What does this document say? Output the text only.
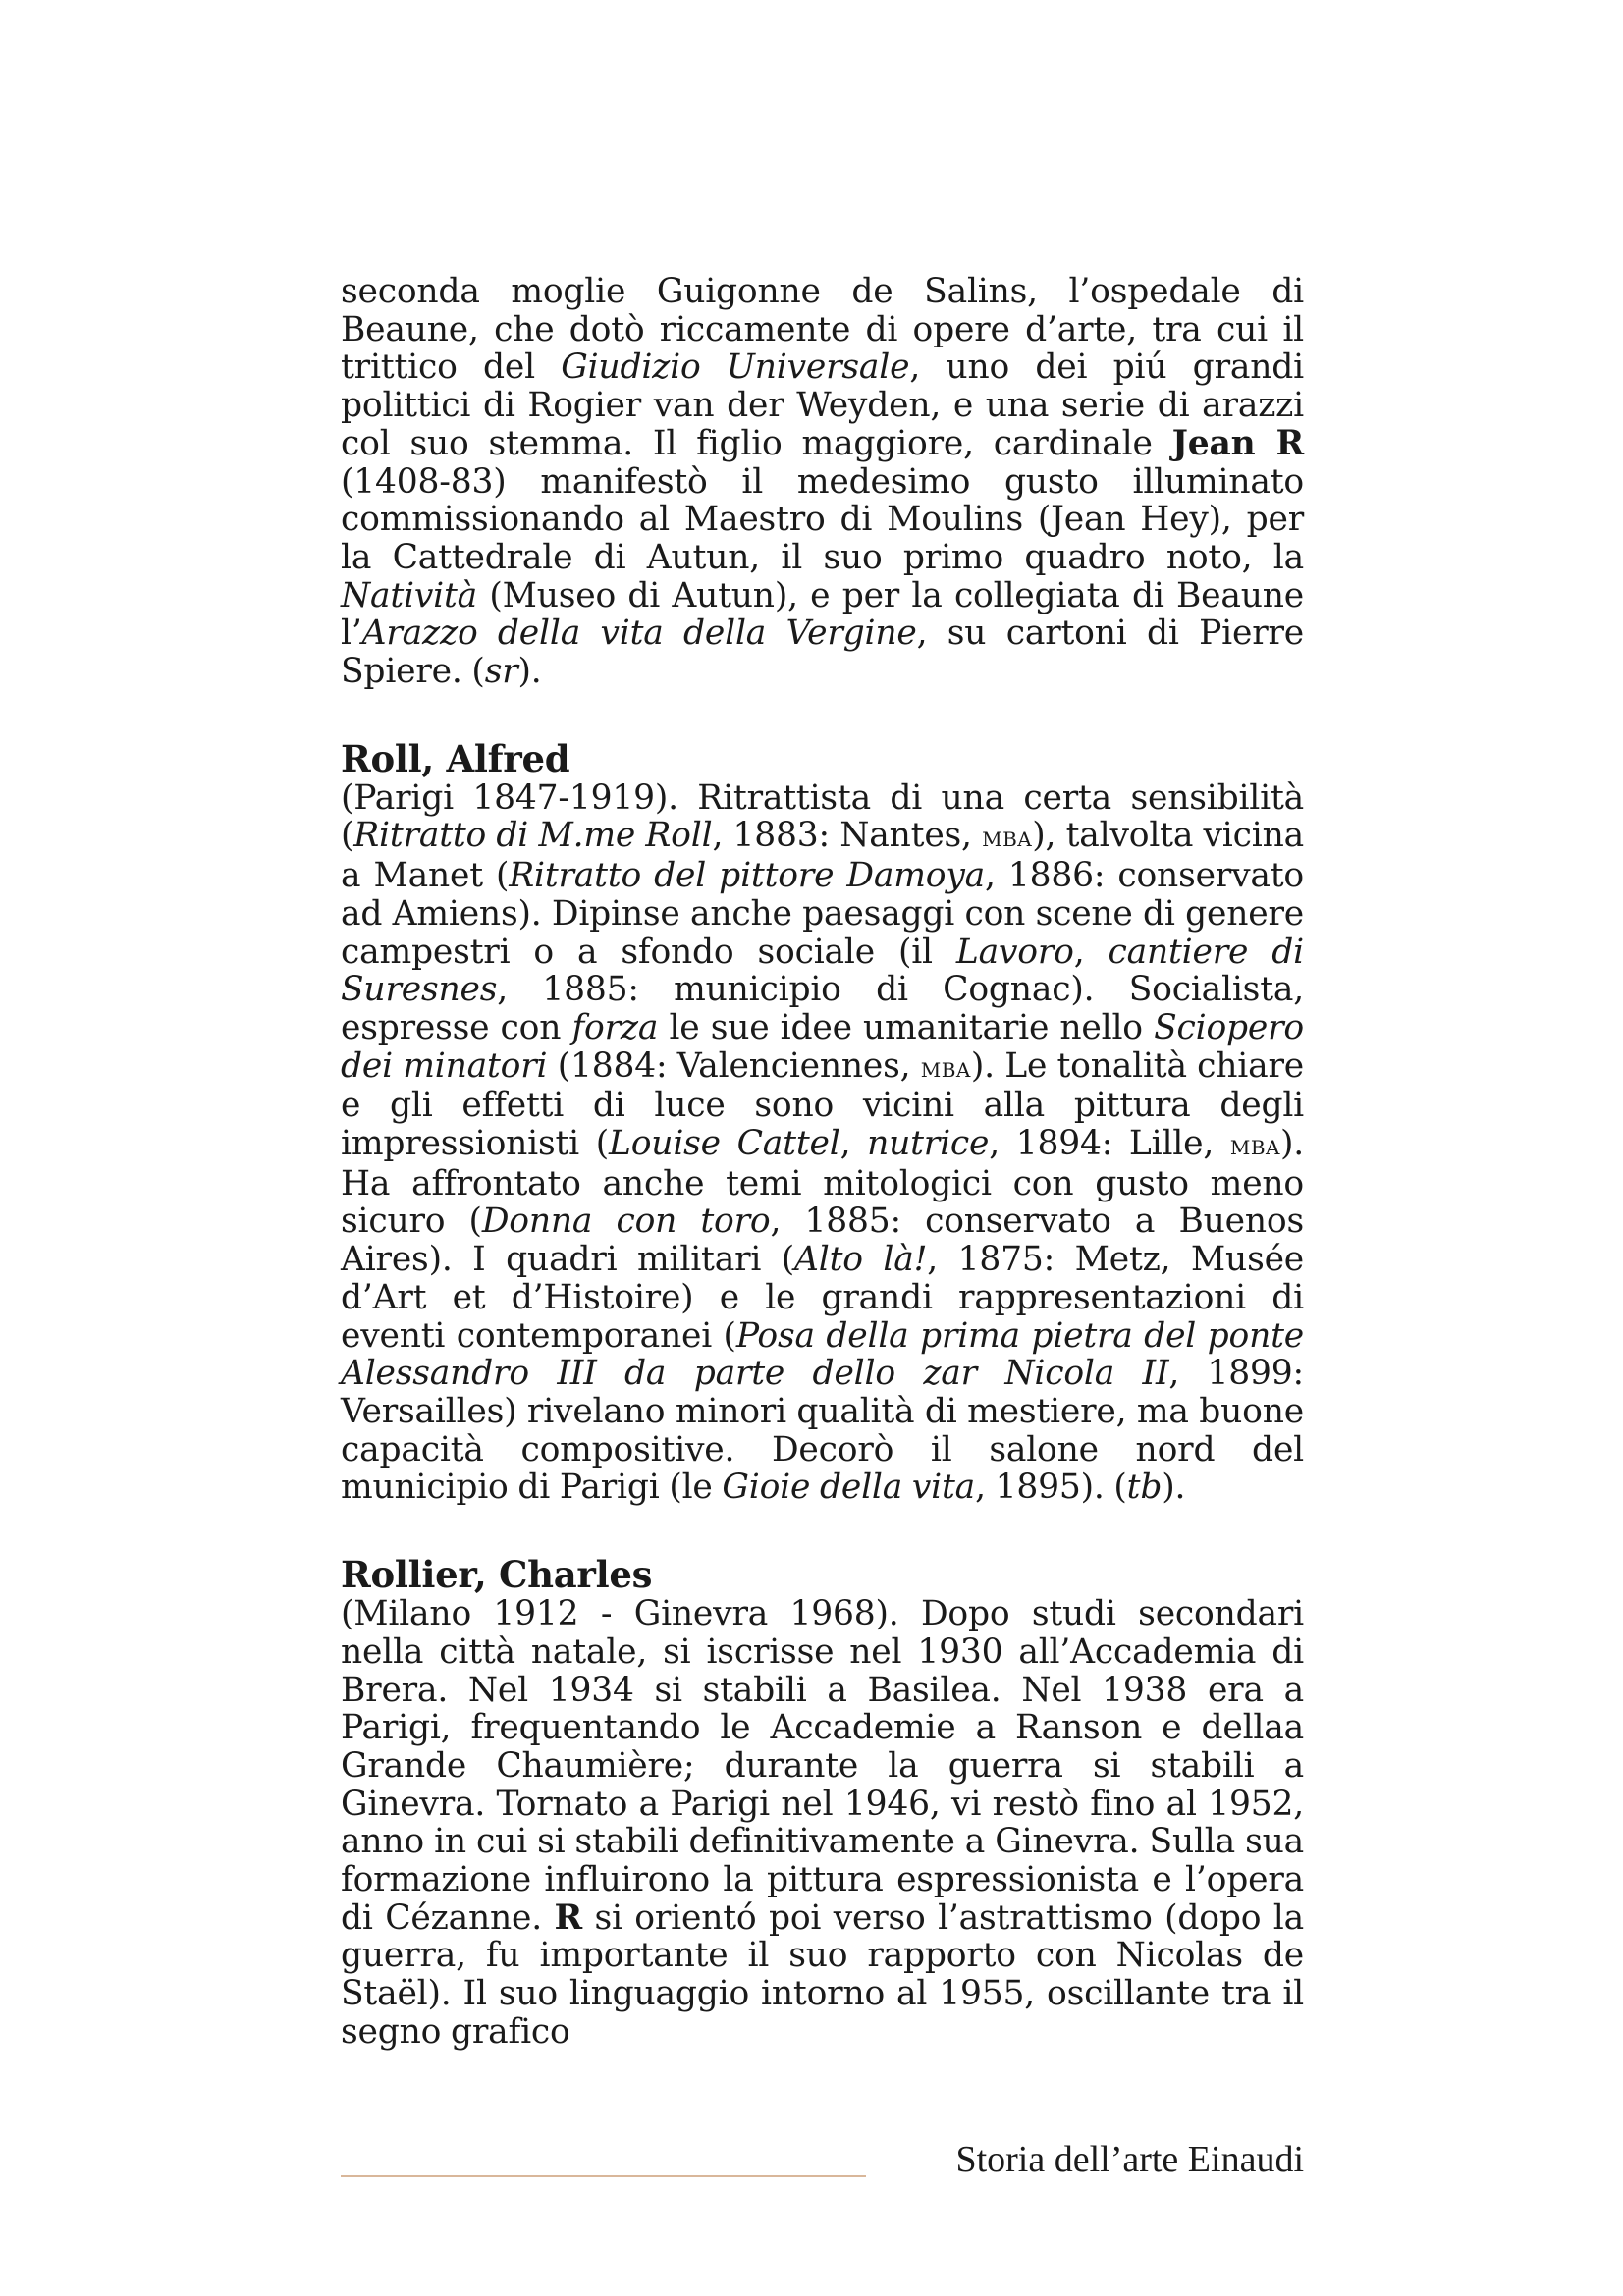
seconda moglie Guigonne de Salins, l’ospedale di Beaune, che dotò riccamente di opere d’arte, tra cui il trittico del Giudizio Universale, uno dei piú grandi polittici di Rogier van der Weyden, e una serie di arazzi col suo stemma. Il figlio maggiore, cardinale Jean R (1408-83) manifestò il medesimo gusto illuminato commissionando al Maestro di Moulins (Jean Hey), per la Cattedrale di Autun, il suo primo quadro noto, la Natività (Museo di Autun), e per la collegiata di Beaune l’Arazzo della vita della Vergine, su cartoni di Pierre Spiere. (sr).

Roll, Alfred

(Parigi 1847-1919). Ritrattista di una certa sensibilità (Ritratto di M.me Roll, 1883: Nantes, mba), talvolta vicina a Manet (Ritratto del pittore Damoya, 1886: conservato ad Amiens). Dipinse anche paesaggi con scene di genere campestri o a sfondo sociale (il Lavoro, cantiere di Suresnes, 1885: municipio di Cognac). Socialista, espresse con forza le sue idee umanitarie nello Sciopero dei minatori (1884: Valenciennes, mba). Le tonalità chiare e gli effetti di luce sono vicini alla pittura degli impressionisti (Louise Cattel, nutrice, 1894: Lille, mba). Ha affrontato anche temi mitologici con gusto meno sicuro (Donna con toro, 1885: conservato a Buenos Aires). I quadri militari (Alto là!, 1875: Metz, Musée d’Art et d’Histoire) e le grandi rappresentazioni di eventi contemporanei (Posa della prima pietra del ponte Alessandro III da parte dello zar Nicola II, 1899: Versailles) rivelano minori qualità di mestiere, ma buone capacità compositive. Decorò il salone nord del municipio di Parigi (le Gioie della vita, 1895). (tb).

Rollier, Charles

(Milano 1912 - Ginevra 1968). Dopo studi secondari nella città natale, si iscrisse nel 1930 all’Accademia di Brera. Nel 1934 si stabili a Basilea. Nel 1938 era a Parigi, frequentando le Accademie a Ranson e dellaa Grande Chaumière; durante la guerra si stabili a Ginevra. Tornato a Parigi nel 1946, vi restò fino al 1952, anno in cui si stabili definitivamente a Ginevra. Sulla sua formazione influirono la pittura espressionista e l’opera di Cézanne. R si orientó poi verso l’astrattismo (dopo la guerra, fu importante il suo rapporto con Nicolas de Staël). Il suo linguaggio intorno al 1955, oscillante tra il segno grafico

Storia dell’arte Einaudi
